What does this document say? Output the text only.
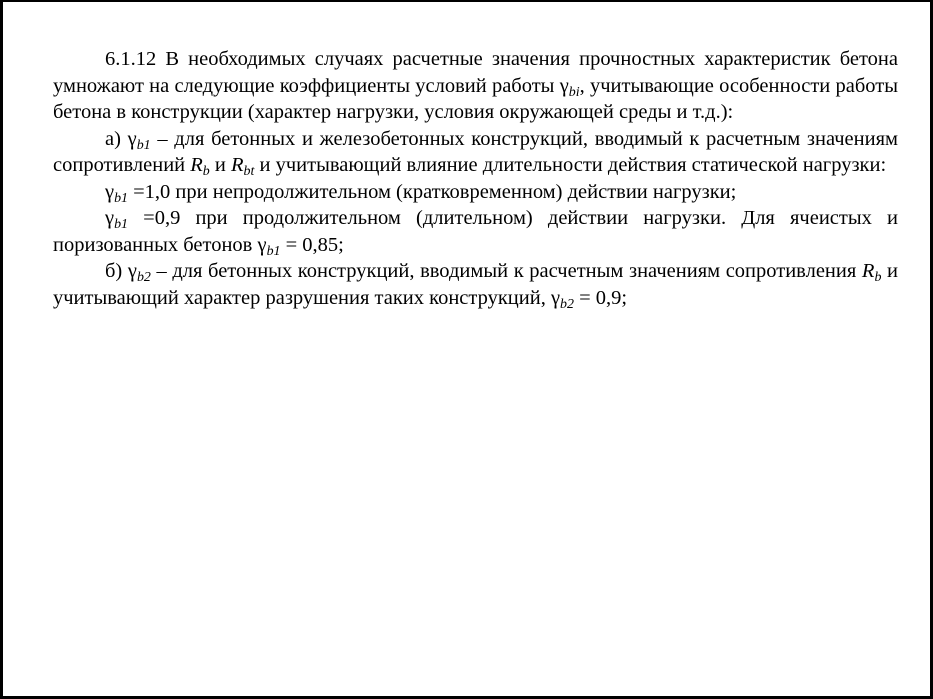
6.1.12 В необходимых случаях расчетные значения прочностных характеристик бетона умножают на следующие коэффициенты условий работы $\gamma_{bi}$, учитывающие особенности работы бетона в конструкции (характер нагрузки, условия окружающей среды и т.д.):

а) $\gamma_{b1}$ – для бетонных и железобетонных конструкций, вводимый к расчетным значениям сопротивлений $R_b$ и $R_{bt}$ и учитывающий влияние длительности действия статической нагрузки:

$\gamma_{b1} =1,0$ при непродолжительном (кратковременном) действии нагрузки;

$\gamma_{b1} =0,9$ при продолжительном (длительном) действии нагрузки. Для ячеистых и поризованных бетонов $\gamma_{b1} = 0,85$;

б) $\gamma_{b2}$ – для бетонных конструкций, вводимый к расчетным значениям сопротивления $R_b$ и учитывающий характер разрушения таких конструкций, $\gamma_{b2} = 0,9$;
